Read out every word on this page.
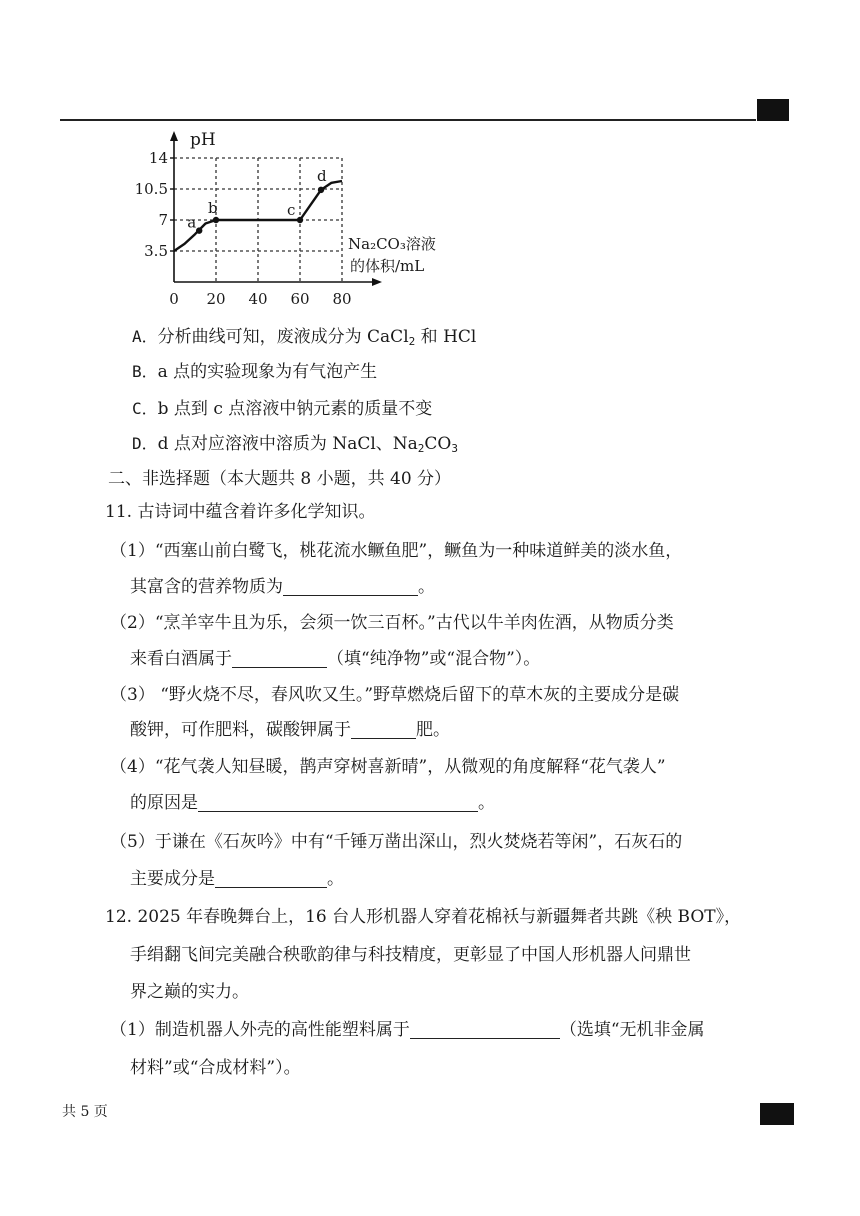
0 20 40 60 80
3.5
7
10.5
14
a
b	c
d
pH
Na₂CO₃溶液
的体积/mL
A．分析曲线可知，废液成分为 CaCl$_2$ 和 HCl
B．a 点的实验现象为有气泡产生
C．b 点到 c 点溶液中钠元素的质量不变
D．d 点对应溶液中溶质为 NaCl、$Na_2CO_3$
二、非选择题（本大题共 8 小题，共 40 分）
11. 古诗词中蕴含着许多化学知识。
（1）“西塞山前白鹭飞，桃花流水鳜鱼肥”，鳜鱼为一种味道鲜美的淡水鱼，
其富含的营养物质为	。
（2）“烹羊宰牛且为乐，会须一饮三百杯。”古代以牛羊肉佐酒，从物质分类
来看白酒属于	（填“纯净物”或“混合物”）。
（3） “野火烧不尽，春风吹又生。”野草燃烧后留下的草木灰的主要成分是碳
酸钾，可作肥料，碳酸钾属于	肥。
（4）“花气袭人知昼暖，鹊声穿树喜新晴”，从微观的角度解释“花气袭人”
的原因是	。
（5）于谦在《石灰吟》中有“千锤万凿出深山，烈火焚烧若等闲”，石灰石的
主要成分是	。
12. 2025 年春晚舞台上，16 台人形机器人穿着花棉袄与新疆舞者共跳《秧 BOT》，
手绢翻飞间完美融合秧歌韵律与科技精度，更彰显了中国人形机器人问鼎世
界之巅的实力。
（1）制造机器人外壳的高性能塑料属于	（选填“无机非金属
材料”或“合成材料”）。
共 5 页
